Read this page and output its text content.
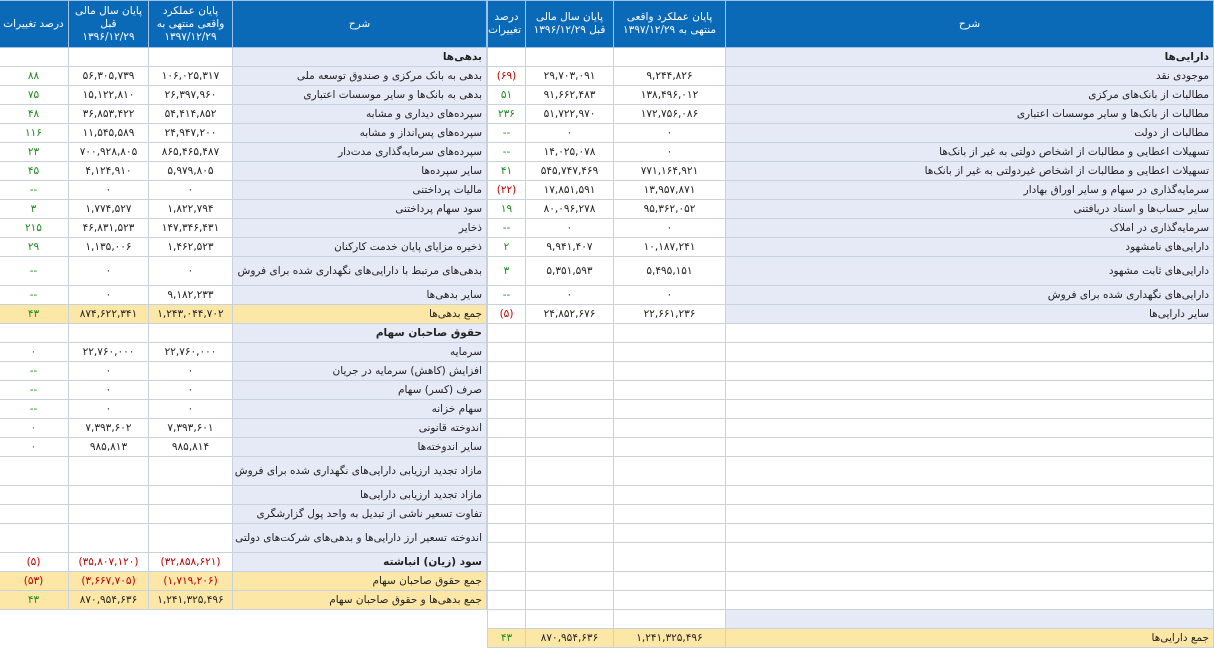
شرح	پایان عملکرد واقعی منتهی به ۱۳۹۷/۱۲/۲۹	پایان سال مالی قبل ۱۳۹۶/۱۲/۲۹	درصد تغییرات
دارایی‌ها			
موجودی نقد	۹,۲۴۴,۸۲۶	۲۹,۷۰۳,۰۹۱	(۶۹)
مطالبات از بانک‌های مرکزی	۱۳۸,۴۹۶,۰۱۲	۹۱,۶۶۲,۴۸۳	۵۱
مطالبات از بانک‌ها و سایر موسسات اعتباری	۱۷۲,۷۵۶,۰۸۶	۵۱,۷۲۲,۹۷۰	۲۳۶
مطالبات از دولت	۰	۰	--
تسهیلات اعطایی و مطالبات از اشخاص دولتی به غیر از بانک‌ها	۰	۱۴,۰۲۵,۰۷۸	--
تسهیلات اعطایی و مطالبات از اشخاص غیردولتی به غیر از بانک‌ها	۷۷۱,۱۶۴,۹۲۱	۵۴۵,۷۴۷,۴۶۹	۴۱
سرمایه‌گذاری در سهام و سایر اوراق بهادار	۱۳,۹۵۷,۸۷۱	۱۷,۸۵۱,۵۹۱	(۲۲)
سایر حساب‌ها و اسناد دریافتنی	۹۵,۳۶۲,۰۵۲	۸۰,۰۹۶,۲۷۸	۱۹
سرمایه‌گذاری در املاک	۰	۰	--
دارایی‌های نامشهود	۱۰,۱۸۷,۲۴۱	۹,۹۴۱,۴۰۷	۲
دارایی‌های ثابت مشهود	۵,۴۹۵,۱۵۱	۵,۳۵۱,۵۹۳	۳
دارایی‌های نگهداری شده برای فروش	۰	۰	--
سایر دارایی‌ها	۲۲,۶۶۱,۲۳۶	۲۴,۸۵۲,۶۷۶	(۵)

جمع دارایی‌ها	۱,۲۴۱,۳۲۵,۴۹۶	۸۷۰,۹۵۴,۶۳۶	۴۳
شرح	پایان عملکرد واقعی منتهی به ۱۳۹۷/۱۲/۲۹	پایان سال مالی قبل ۱۳۹۶/۱۲/۲۹	درصد تغییرات
بدهی‌ها			
بدهی به بانک مرکزی و صندوق توسعه ملی	۱۰۶,۰۲۵,۳۱۷	۵۶,۳۰۵,۷۳۹	۸۸
بدهی به بانک‌ها و سایر موسسات اعتباری	۲۶,۳۹۷,۹۶۰	۱۵,۱۲۲,۸۱۰	۷۵
سپرده‌های دیداری و مشابه	۵۴,۴۱۴,۸۵۲	۳۶,۸۵۳,۴۲۲	۴۸
سپرده‌های پس‌انداز و مشابه	۲۴,۹۴۷,۲۰۰	۱۱,۵۴۵,۵۸۹	۱۱۶
سپرده‌های سرمایه‌گذاری مدت‌دار	۸۶۵,۴۶۵,۴۸۷	۷۰۰,۹۲۸,۸۰۵	۲۳
سایر سپرده‌ها	۵,۹۷۹,۸۰۵	۴,۱۲۴,۹۱۰	۴۵
مالیات پرداختنی	۰	۰	--
سود سهام پرداختنی	۱,۸۲۲,۷۹۴	۱,۷۷۴,۵۲۷	۳
ذخایر	۱۴۷,۳۴۶,۴۳۱	۴۶,۸۳۱,۵۲۳	۲۱۵
ذخیره مزایای پایان خدمت کارکنان	۱,۴۶۲,۵۲۳	۱,۱۳۵,۰۰۶	۲۹
بدهی‌های مرتبط با دارایی‌های نگهداری شده برای فروش	۰	۰	--
سایر بدهی‌ها	۹,۱۸۲,۲۳۳	۰	--
جمع بدهی‌ها	۱,۲۴۳,۰۴۴,۷۰۲	۸۷۴,۶۲۲,۳۴۱	۴۳
حقوق صاحبان سهام			
سرمایه	۲۲,۷۶۰,۰۰۰	۲۲,۷۶۰,۰۰۰	۰
افزایش (کاهش) سرمایه در جریان	۰	۰	--
صرف (کسر) سهام	۰	۰	--
سهام خزانه	۰	۰	--
اندوخته قانونی	۷,۳۹۳,۶۰۱	۷,۳۹۳,۶۰۲	۰
سایر اندوخته‌ها	۹۸۵,۸۱۴	۹۸۵,۸۱۳	۰
مازاد تجدید ارزیابی دارایی‌های نگهداری شده برای فروش			
مازاد تجدید ارزیابی دارایی‌ها			
تفاوت تسعیر ناشی از تبدیل به واحد پول گزارشگری			
اندوخته تسعیر ارز دارایی‌ها و بدهی‌های شرکت‌های دولتی			
سود (زیان) انباشته	(۳۲,۸۵۸,۶۲۱)	(۳۵,۸۰۷,۱۲۰)	(۵)
جمع حقوق صاحبان سهام	(۱,۷۱۹,۲۰۶)	(۳,۶۶۷,۷۰۵)	(۵۳)
جمع بدهی‌ها و حقوق صاحبان سهام	۱,۲۴۱,۳۲۵,۴۹۶	۸۷۰,۹۵۴,۶۳۶	۴۳
